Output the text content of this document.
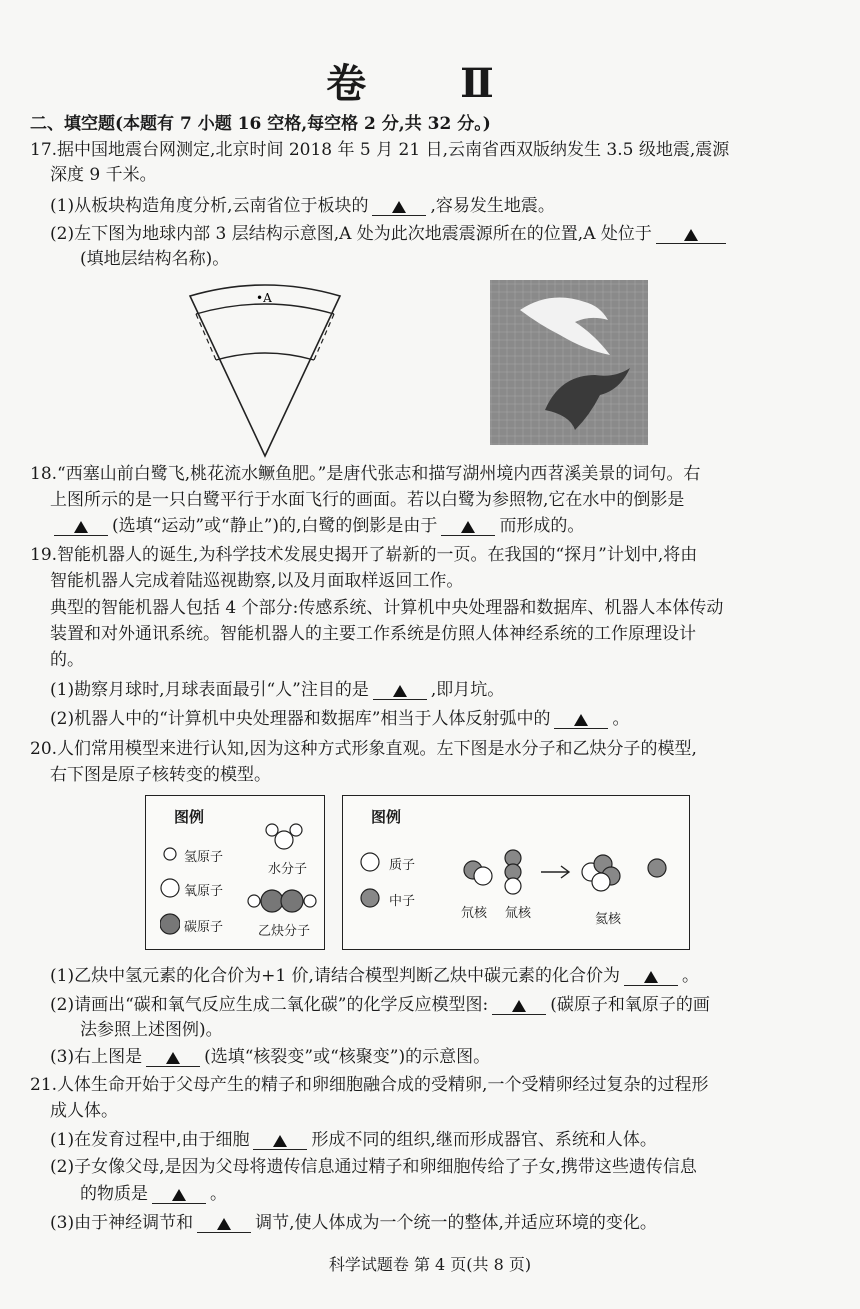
卷 Ⅱ
二、填空题(本题有 7 小题 16 空格,每空格 2 分,共 32 分。)
17.据中国地震台网测定,北京时间 2018 年 5 月 21 日,云南省西双版纳发生 3.5 级地震,震源
深度 9 千米。
(1)从板块构造角度分析,云南省位于板块的	,容易发生地震。
(2)左下图为地球内部 3 层结构示意图,A 处为此次地震震源所在的位置,A 处位于
(填地层结构名称)。
•A
18.“西塞山前白鹭飞,桃花流水鳜鱼肥。”是唐代张志和描写湖州境内西苕溪美景的词句。右
上图所示的是一只白鹭平行于水面飞行的画面。若以白鹭为参照物,它在水中的倒影是
(选填“运动”或“静止”)的,白鹭的倒影是由于	而形成的。
19.智能机器人的诞生,为科学技术发展史揭开了崭新的一页。在我国的“探月”计划中,将由
智能机器人完成着陆巡视勘察,以及月面取样返回工作。
典型的智能机器人包括 4 个部分:传感系统、计算机中央处理器和数据库、机器人本体传动
装置和对外通讯系统。智能机器人的主要工作系统是仿照人体神经系统的工作原理设计
的。
(1)勘察月球时,月球表面最引“人”注目的是	,即月坑。
(2)机器人中的“计算机中央处理器和数据库”相当于人体反射弧中的	。
20.人们常用模型来进行认知,因为这种方式形象直观。左下图是水分子和乙炔分子的模型,
右下图是原子核转变的模型。
图例
氢原子
氧原子
碳原子
水分子
乙炔分子
图例
质子
中子
氘核 氚核	氦核
(1)乙炔中氢元素的化合价为+1 价,请结合模型判断乙炔中碳元素的化合价为	。
(2)请画出“碳和氧气反应生成二氧化碳”的化学反应模型图:	(碳原子和氧原子的画
法参照上述图例)。
(3)右上图是	(选填“核裂变”或“核聚变”)的示意图。
21.人体生命开始于父母产生的精子和卵细胞融合成的受精卵,一个受精卵经过复杂的过程形
成人体。
(1)在发育过程中,由于细胞	形成不同的组织,继而形成器官、系统和人体。
(2)子女像父母,是因为父母将遗传信息通过精子和卵细胞传给了子女,携带这些遗传信息
的物质是	。
(3)由于神经调节和	调节,使人体成为一个统一的整体,并适应环境的变化。
科学试题卷 第 4 页(共 8 页)
